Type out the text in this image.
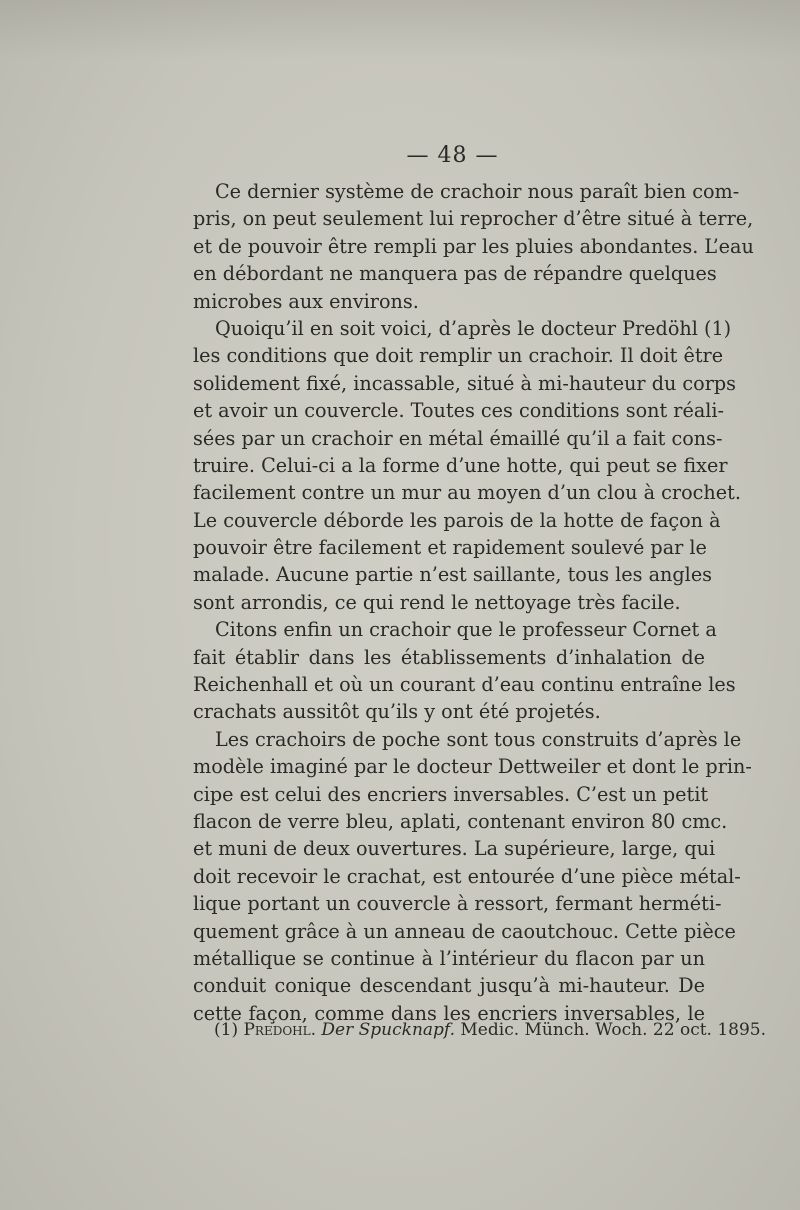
— 48 —
Ce dernier système de crachoir nous paraît bien com-
pris, on peut seulement lui reprocher d’être situé à terre,
et de pouvoir être rempli par les pluies abondantes. L’eau
en débordant ne manquera pas de répandre quelques
microbes aux environs.
Quoiqu’il en soit voici, d’après le docteur Predöhl (1)
les conditions que doit remplir un crachoir. Il doit être
solidement fixé, incassable, situé à mi-hauteur du corps
et avoir un couvercle. Toutes ces conditions sont réali-
sées par un crachoir en métal émaillé qu’il a fait cons-
truire. Celui-ci a la forme d’une hotte, qui peut se fixer
facilement contre un mur au moyen d’un clou à crochet.
Le couvercle déborde les parois de la hotte de façon à
pouvoir être facilement et rapidement soulevé par le
malade. Aucune partie n’est saillante, tous les angles
sont arrondis, ce qui rend le nettoyage très facile.
Citons enfin un crachoir que le professeur Cornet a
fait établir dans les établissements d’inhalation de
Reichenhall et où un courant d’eau continu entraîne les
crachats aussitôt qu’ils y ont été projetés.
Les crachoirs de poche sont tous construits d’après le
modèle imaginé par le docteur Dettweiler et dont le prin-
cipe est celui des encriers inversables. C’est un petit
flacon de verre bleu, aplati, contenant environ 80 cmc.
et muni de deux ouvertures. La supérieure, large, qui
doit recevoir le crachat, est entourée d’une pièce métal-
lique portant un couvercle à ressort, fermant herméti-
quement grâce à un anneau de caoutchouc. Cette pièce
métallique se continue à l’intérieur du flacon par un
conduit conique descendant jusqu’à mi-hauteur. De
cette façon, comme dans les encriers inversables, le
(1) Predohl. Der Spucknapf. Medic. Münch. Woch. 22 oct. 1895.
